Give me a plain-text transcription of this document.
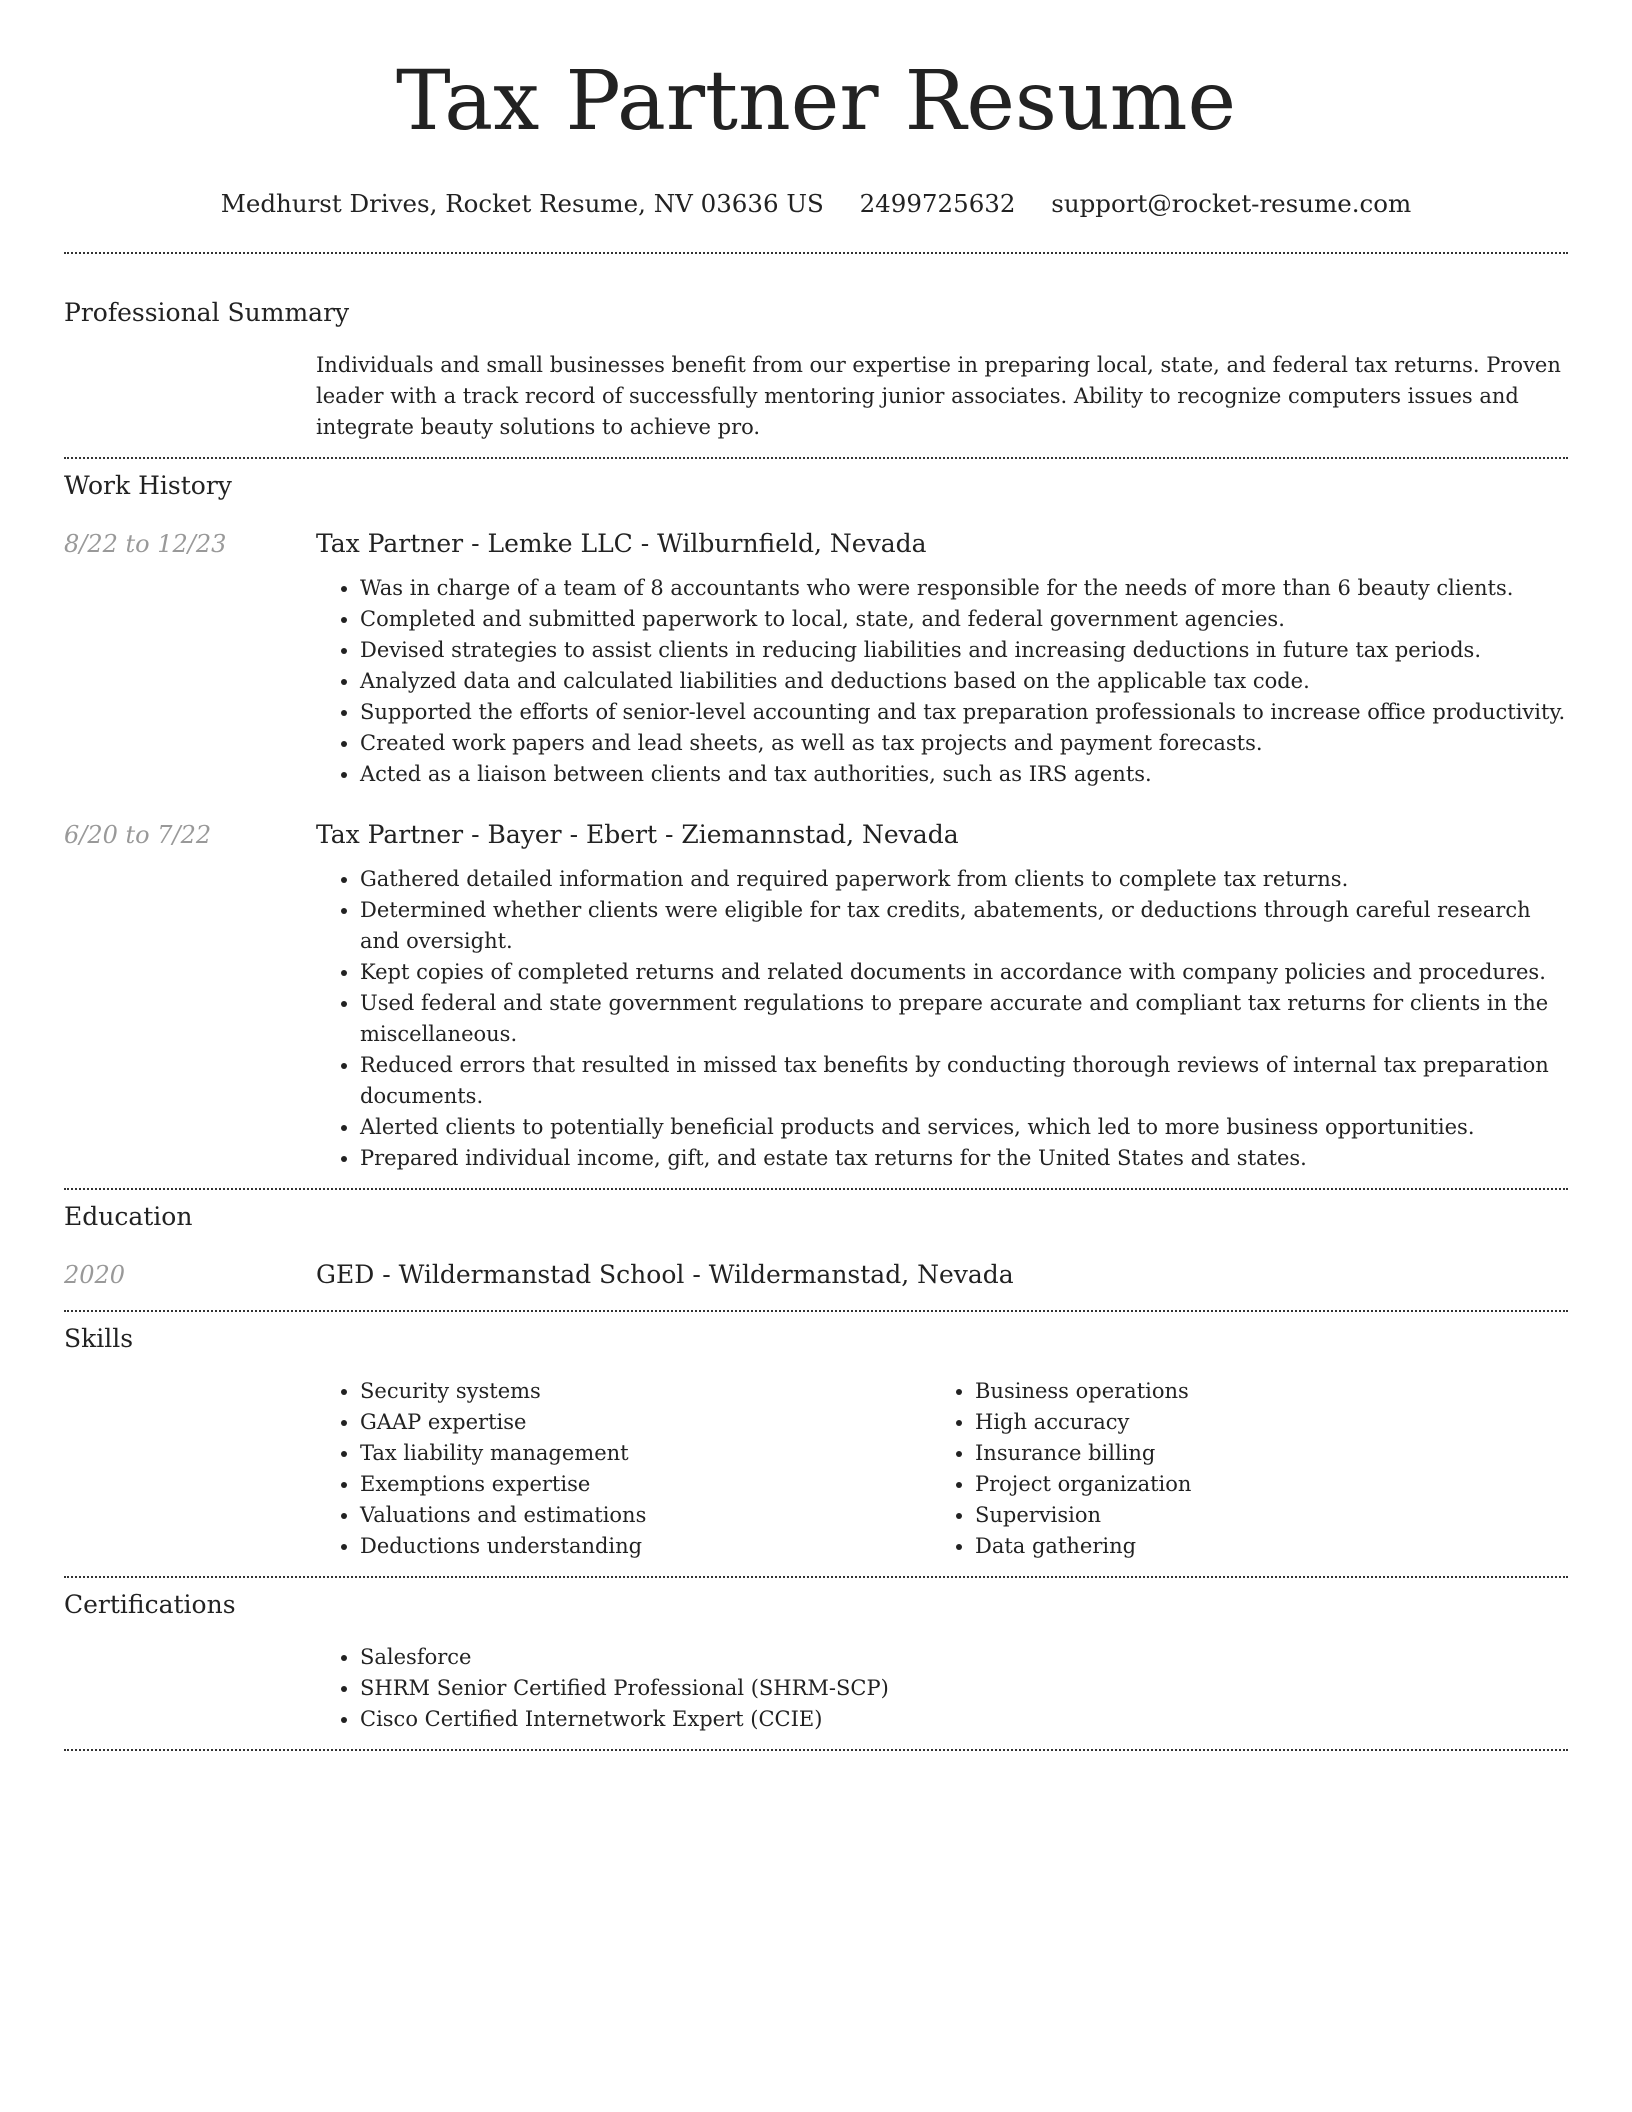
Tax Partner Resume
Medhurst Drives, Rocket Resume, NV 03636 US 2499725632 support@rocket-resume.com
Professional Summary
Individuals and small businesses benefit from our expertise in preparing local, state, and federal tax returns. Proven leader with a track record of successfully mentoring junior associates. Ability to recognize computers issues and integrate beauty solutions to achieve pro.
Work History
8/22 to 12/23	Tax Partner - Lemke LLC - Wilburnfield, Nevada
• Was in charge of a team of 8 accountants who were responsible for the needs of more than 6 beauty clients.
• Completed and submitted paperwork to local, state, and federal government agencies.
• Devised strategies to assist clients in reducing liabilities and increasing deductions in future tax periods.
• Analyzed data and calculated liabilities and deductions based on the applicable tax code.
• Supported the efforts of senior-level accounting and tax preparation professionals to increase office productivity.
• Created work papers and lead sheets, as well as tax projects and payment forecasts.
• Acted as a liaison between clients and tax authorities, such as IRS agents.
6/20 to 7/22	Tax Partner - Bayer - Ebert - Ziemannstad, Nevada
• Gathered detailed information and required paperwork from clients to complete tax returns.
• Determined whether clients were eligible for tax credits, abatements, or deductions through careful research and oversight.
• Kept copies of completed returns and related documents in accordance with company policies and procedures.
• Used federal and state government regulations to prepare accurate and compliant tax returns for clients in the miscellaneous.
• Reduced errors that resulted in missed tax benefits by conducting thorough reviews of internal tax preparation documents.
• Alerted clients to potentially beneficial products and services, which led to more business opportunities.
• Prepared individual income, gift, and estate tax returns for the United States and states.
Education
2020	GED - Wildermanstad School - Wildermanstad, Nevada
Skills
• Security systems
• GAAP expertise
• Tax liability management
• Exemptions expertise
• Valuations and estimations
• Deductions understanding
• Business operations
• High accuracy
• Insurance billing
• Project organization
• Supervision
• Data gathering
Certifications
• Salesforce
• SHRM Senior Certified Professional (SHRM-SCP)
• Cisco Certified Internetwork Expert (CCIE)
